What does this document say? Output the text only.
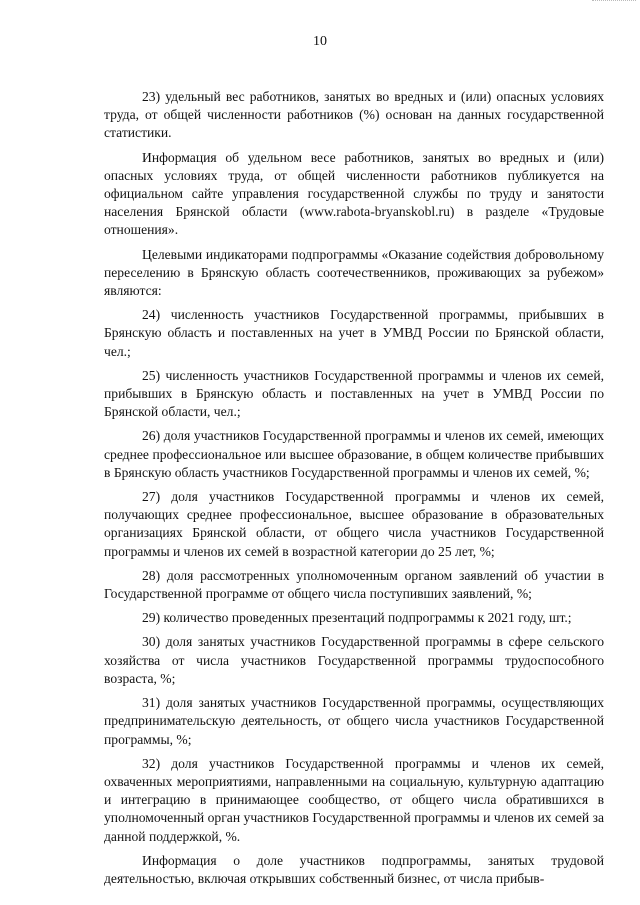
10

23) удельный вес работников, занятых во вредных и (или) опасных условиях труда, от общей численности работников (%) основан на данных государственной статистики.

Информация об удельном весе работников, занятых во вредных и (или) опасных условиях труда, от общей численности работников публикуется на официальном сайте управления государственной службы по труду и занятости населения Брянской области (www.rabota-bryanskobl.ru) в разделе «Трудовые отношения».

Целевыми индикаторами подпрограммы «Оказание содействия добровольному переселению в Брянскую область соотечественников, проживающих за рубежом» являются:

24) численность участников Государственной программы, прибывших в Брянскую область и поставленных на учет в УМВД России по Брянской области, чел.;

25) численность участников Государственной программы и членов их семей, прибывших в Брянскую область и поставленных на учет в УМВД России по Брянской области, чел.;

26) доля участников Государственной программы и членов их семей, имеющих среднее профессиональное или высшее образование, в общем количестве прибывших в Брянскую область участников Государственной программы и членов их семей, %;

27) доля участников Государственной программы и членов их семей, получающих среднее профессиональное, высшее образование в образовательных организациях Брянской области, от общего числа участников Государственной программы и членов их семей в возрастной категории до 25 лет, %;

28) доля рассмотренных уполномоченным органом заявлений об участии в Государственной программе от общего числа поступивших заявлений, %;

29) количество проведенных презентаций подпрограммы к 2021 году, шт.;

30) доля занятых участников Государственной программы в сфере сельского хозяйства от числа участников Государственной программы трудоспособного возраста, %;

31) доля занятых участников Государственной программы, осуществляющих предпринимательскую деятельность, от общего числа участников Государственной программы, %;

32) доля участников Государственной программы и членов их семей, охваченных мероприятиями, направленными на социальную, культурную адаптацию и интеграцию в принимающее сообщество, от общего числа обратившихся в уполномоченный орган участников Государственной программы и членов их семей за данной поддержкой, %.

Информация о доле участников подпрограммы, занятых трудовой деятельностью, включая открывших собственный бизнес, от числа прибыв-
